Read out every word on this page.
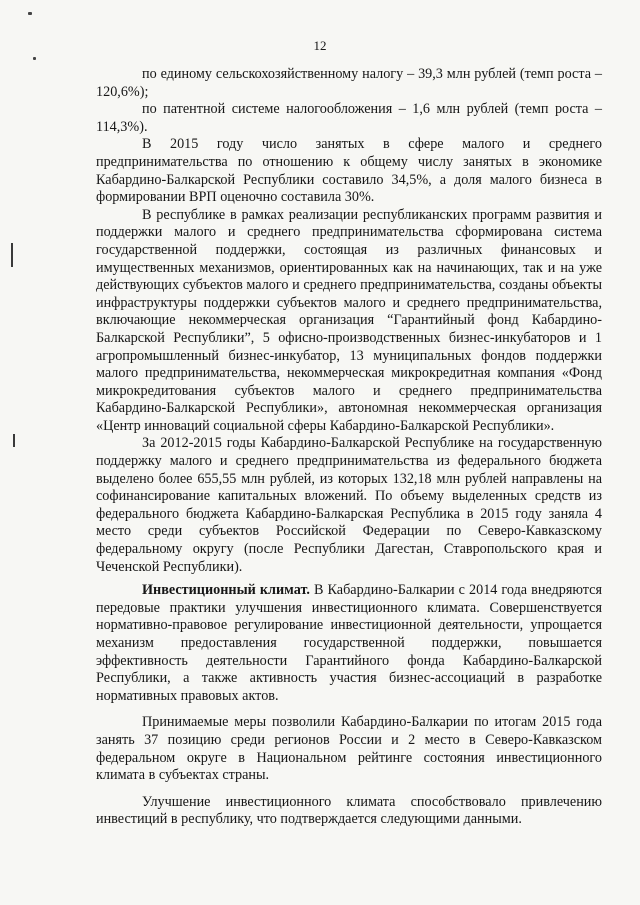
12

по единому сельскохозяйственному налогу – 39,3 млн рублей (темп роста – 120,6%);

по патентной системе налогообложения – 1,6 млн рублей (темп роста – 114,3%).

В 2015 году число занятых в сфере малого и среднего предпринимательства по отношению к общему числу занятых в экономике Кабардино-Балкарской Республики составило 34,5%, а доля малого бизнеса в формировании ВРП оценочно составила 30%.

В республике в рамках реализации республиканских программ развития и поддержки малого и среднего предпринимательства сформирована система государственной поддержки, состоящая из различных финансовых и имущественных механизмов, ориентированных как на начинающих, так и на уже действующих субъектов малого и среднего предпринимательства, созданы объекты инфраструктуры поддержки субъектов малого и среднего предпринимательства, включающие некоммерческая организация “Гарантийный фонд Кабардино-Балкарской Республики”, 5 офисно-производственных бизнес-инкубаторов и 1 агропромышленный бизнес-инкубатор, 13 муниципальных фондов поддержки малого предпринимательства, некоммерческая микрокредитная компания «Фонд микрокредитования субъектов малого и среднего предпринимательства Кабардино-Балкарской Республики», автономная некоммерческая организация «Центр инноваций социальной сферы Кабардино-Балкарской Республики».

За 2012-2015 годы Кабардино-Балкарской Республике на государственную поддержку малого и среднего предпринимательства из федерального бюджета выделено более 655,55 млн рублей, из которых 132,18 млн рублей направлены на софинансирование капитальных вложений. По объему выделенных средств из федерального бюджета Кабардино-Балкарская Республика в 2015 году заняла 4 место среди субъектов Российской Федерации по Северо-Кавказскому федеральному округу (после Республики Дагестан, Ставропольского края и Чеченской Республики).

Инвестиционный климат. В Кабардино-Балкарии с 2014 года внедряются передовые практики улучшения инвестиционного климата. Совершенствуется нормативно-правовое регулирование инвестиционной деятельности, упрощается механизм предоставления государственной поддержки, повышается эффективность деятельности Гарантийного фонда Кабардино-Балкарской Республики, а также активность участия бизнес-ассоциаций в разработке нормативных правовых актов.

Принимаемые меры позволили Кабардино-Балкарии по итогам 2015 года занять 37 позицию среди регионов России и 2 место в Северо-Кавказском федеральном округе в Национальном рейтинге состояния инвестиционного климата в субъектах страны.

Улучшение инвестиционного климата способствовало привлечению инвестиций в республику, что подтверждается следующими данными.
